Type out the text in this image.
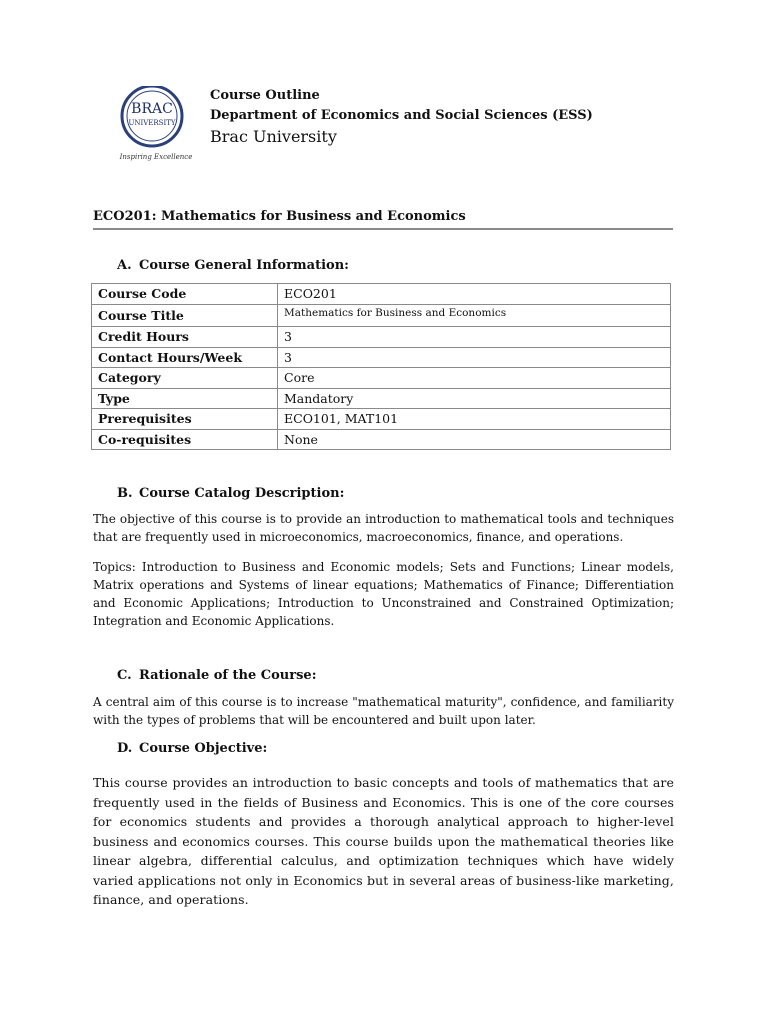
BRAC
UNIVERSITY
Inspiring Excellence
Course Outline
Department of Economics and Social Sciences (ESS)
Brac University
ECO201: Mathematics for Business and Economics
A. Course General Information:
Course Code	ECO201
Course Title	Mathematics for Business and Economics
Credit Hours	3
Contact Hours/Week	3
Category	Core
Type	Mandatory
Prerequisites	ECO101, MAT101
Co-requisites	None
B. Course Catalog Description:

The objective of this course is to provide an introduction to mathematical tools and techniques that are frequently used in microeconomics, macroeconomics, finance, and operations.

Topics: Introduction to Business and Economic models; Sets and Functions; Linear models, Matrix operations and Systems of linear equations; Mathematics of Finance; Differentiation and Economic Applications; Introduction to Unconstrained and Constrained Optimization; Integration and Economic Applications.

C. Rationale of the Course:

A central aim of this course is to increase "mathematical maturity", confidence, and familiarity with the types of problems that will be encountered and built upon later.

D. Course Objective:

This course provides an introduction to basic concepts and tools of mathematics that are frequently used in the fields of Business and Economics. This is one of the core courses for economics students and provides a thorough analytical approach to higher-level business and economics courses. This course builds upon the mathematical theories like linear algebra, differential calculus, and optimization techniques which have widely varied applications not only in Economics but in several areas of business-like marketing, finance, and operations.
